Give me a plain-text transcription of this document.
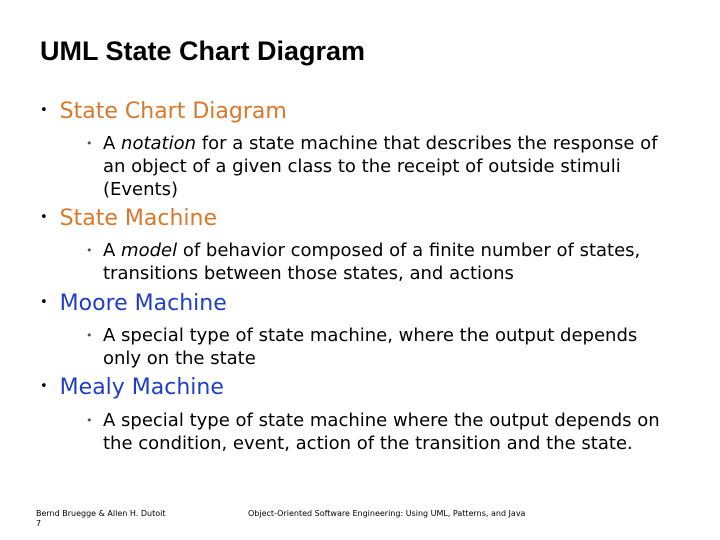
UML State Chart Diagram
• State Chart Diagram
• A notation for a state machine that describes the response of an object of a given class to the receipt of outside stimuli (Events)
• State Machine
• A model of behavior composed of a finite number of states, transitions between those states, and actions
• Moore Machine
• A special type of state machine, where the output depends only on the state
• Mealy Machine
• A special type of state machine where the output depends on the condition, event, action of the transition and the state.
Bernd Bruegge & Allen H. Dutoit
7
Object-Oriented Software Engineering: Using UML, Patterns, and Java
